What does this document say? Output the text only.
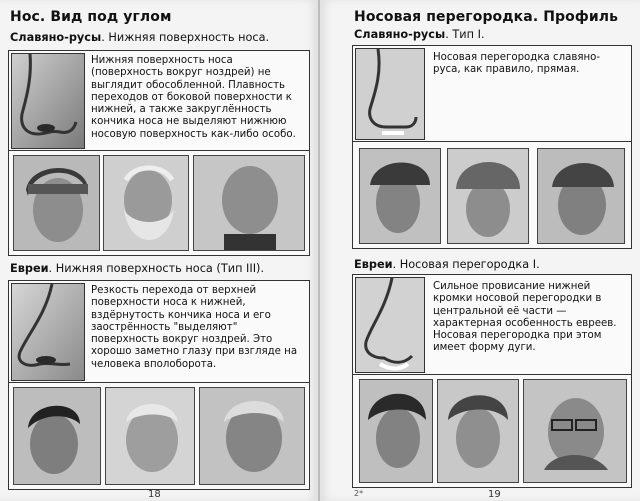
Нос. Вид под углом
Славяно-русы. Нижняя поверхность носа.
Нижняя поверхность носа (поверхность вокруг ноздрей) не выглядит обособленной. Плавность переходов от боковой поверхности к нижней, а также закруглённость кончика носа не выделяют нижнюю носовую поверхность как-либо особо.
Евреи. Нижняя поверхность носа (Тип III).
Резкость перехода от верхней поверхности носа к нижней, вздёрнутость кончика носа и его заострённость "выделяют" поверхность вокруг ноздрей. Это хорошо заметно глазу при взгляде на человека вполоборота.
18
Носовая перегородка. Профиль
Славяно-русы. Тип I.
Носовая перегородка славяно-руса, как правило, прямая.
Евреи. Носовая перегородка I.
Сильное провисание нижней кромки носовой перегородки в центральной её части — характерная особенность евреев. Носовая перегородка при этом имеет форму дуги.
2*	19
